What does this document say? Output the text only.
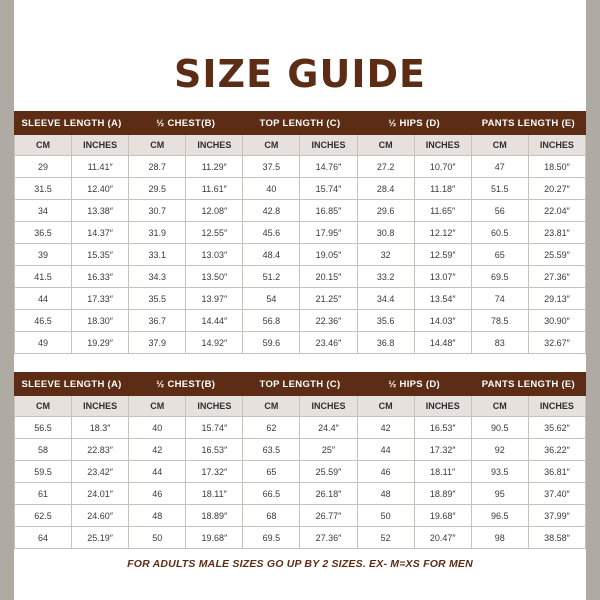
SIZE GUIDE
SLEEVE LENGTH (A)		½ CHEST(B)		TOP LENGTH (C)		½ HIPS (D)		PANTS LENGTH (E)	
CM	INCHES	CM	INCHES	CM	INCHES	CM	INCHES	CM	INCHES
29	11.41″	28.7	11.29″	37.5	14.76″	27.2	10.70″	47	18.50″
31.5	12.40″	29.5	11.61″	40	15.74″	28.4	11.18″	51.5	20.27″
34	13.38″	30.7	12.08″	42.8	16.85″	29.6	11.65″	56	22.04″
36.5	14.37″	31.9	12.55″	45.6	17.95″	30.8	12.12″	60.5	23.81″
39	15.35″	33.1	13.03″	48.4	19.05″	32	12.59″	65	25.59″
41.5	16.33″	34.3	13.50″	51.2	20.15″	33.2	13.07″	69.5	27.36″
44	17.33″	35.5	13.97″	54	21.25″	34.4	13.54″	74	29.13″
46.5	18.30″	36.7	14.44″	56.8	22.36″	35.6	14.03″	78.5	30.90″
49	19.29″	37.9	14.92″	59.6	23.46″	36.8	14.48″	83	32.67″
SLEEVE LENGTH (A)		½ CHEST(B)		TOP LENGTH (C)		½ HIPS (D)		PANTS LENGTH (E)	
CM	INCHES	CM	INCHES	CM	INCHES	CM	INCHES	CM	INCHES
56.5	18.3″	40	15.74″	62	24.4″	42	16.53″	90.5	35.62″
58	22.83″	42	16.53″	63.5	25″	44	17.32″	92	36.22″
59.5	23.42″	44	17.32″	65	25.59″	46	18.11″	93.5	36.81″
61	24.01″	46	18.11″	66.5	26.18″	48	18.89″	95	37.40″
62.5	24.60″	48	18.89″	68	26.77″	50	19.68″	96.5	37.99″
64	25.19″	50	19.68″	69.5	27.36″	52	20.47″	98	38.58″
FOR ADULTS MALE SIZES GO UP BY 2 SIZES. EX- M=XS FOR MEN
